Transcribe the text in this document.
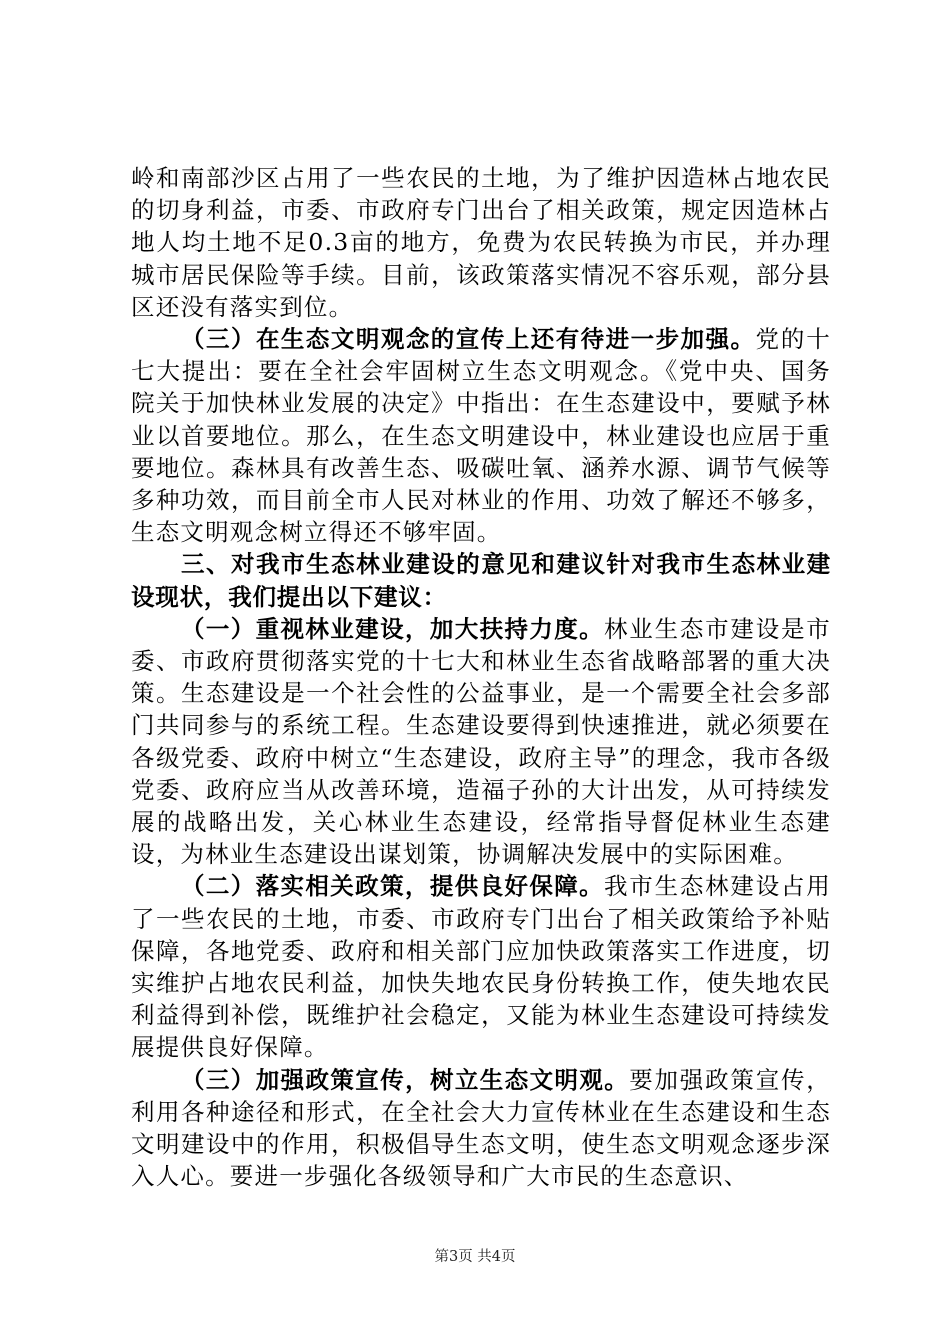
岭和南部沙区占用了一些农民的土地，为了维护因造林占地农民的切身利益，市委、市政府专门出台了相关政策，规定因造林占地人均土地不足0.3亩的地方，免费为农民转换为市民，并办理城市居民保险等手续。目前，该政策落实情况不容乐观，部分县区还没有落实到位。

（三）在生态文明观念的宣传上还有待进一步加强。党的十七大提出：要在全社会牢固树立生态文明观念。《党中央、国务院关于加快林业发展的决定》中指出：在生态建设中，要赋予林业以首要地位。那么，在生态文明建设中，林业建设也应居于重要地位。森林具有改善生态、吸碳吐氧、涵养水源、调节气候等多种功效，而目前全市人民对林业的作用、功效了解还不够多，生态文明观念树立得还不够牢固。

三、对我市生态林业建设的意见和建议针对我市生态林业建设现状，我们提出以下建议：

（一）重视林业建设，加大扶持力度。林业生态市建设是市委、市政府贯彻落实党的十七大和林业生态省战略部署的重大决策。生态建设是一个社会性的公益事业，是一个需要全社会多部门共同参与的系统工程。生态建设要得到快速推进，就必须要在各级党委、政府中树立“生态建设，政府主导”的理念，我市各级党委、政府应当从改善环境，造福子孙的大计出发，从可持续发展的战略出发，关心林业生态建设，经常指导督促林业生态建设，为林业生态建设出谋划策，协调解决发展中的实际困难。

（二）落实相关政策，提供良好保障。我市生态林建设占用了一些农民的土地，市委、市政府专门出台了相关政策给予补贴保障，各地党委、政府和相关部门应加快政策落实工作进度，切实维护占地农民利益，加快失地农民身份转换工作，使失地农民利益得到补偿，既维护社会稳定，又能为林业生态建设可持续发展提供良好保障。

（三）加强政策宣传，树立生态文明观。要加强政策宣传，利用各种途径和形式，在全社会大力宣传林业在生态建设和生态文明建设中的作用，积极倡导生态文明，使生态文明观念逐步深入人心。要进一步强化各级领导和广大市民的生态意识、

第3页 共4页
